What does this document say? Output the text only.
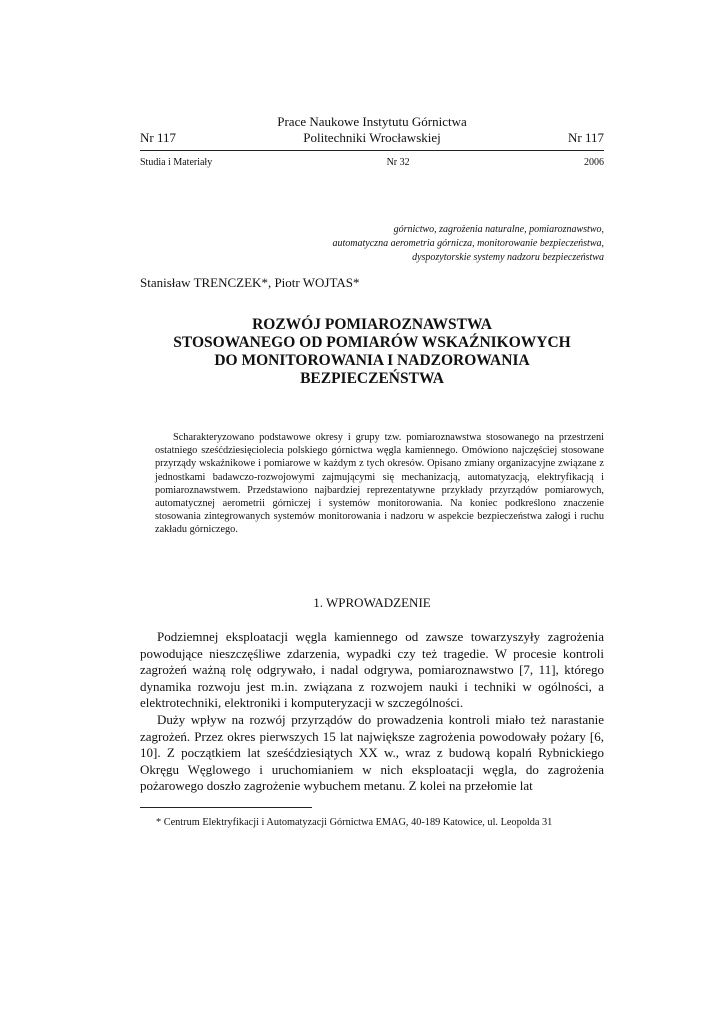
Prace Naukowe Instytutu Górnictwa
Nr 117	Politechniki Wrocławskiej	Nr 117
Studia i Materiały	Nr 32	2006
górnictwo, zagrożenia naturalne, pomiaroznawstwo,
automatyczna aerometria górnicza, monitorowanie bezpieczeństwa,
dyspozytorskie systemy nadzoru bezpieczeństwa
Stanisław TRENCZEK*, Piotr WOJTAS*
ROZWÓJ POMIAROZNAWSTWA
STOSOWANEGO OD POMIARÓW WSKAŹNIKOWYCH
DO MONITOROWANIA I NADZOROWANIA
BEZPIECZEŃSTWA
Scharakteryzowano podstawowe okresy i grupy tzw. pomiaroznawstwa stosowanego na przestrzeni ostatniego sześćdziesięciolecia polskiego górnictwa węgla kamiennego. Omówiono najczęściej stosowane przyrządy wskaźnikowe i pomiarowe w każdym z tych okresów. Opisano zmiany organizacyjne związane z jednostkami badawczo-rozwojowymi zajmującymi się mechanizacją, automatyzacją, elektryfikacją i pomiaroznawstwem. Przedstawiono najbardziej reprezentatywne przykłady przyrządów pomiarowych, automatycznej aerometrii górniczej i systemów monitorowania. Na koniec podkreślono znaczenie stosowania zintegrowanych systemów monitorowania i nadzoru w aspekcie bezpieczeństwa załogi i ruchu zakładu górniczego.
1. WPROWADZENIE

Podziemnej eksploatacji węgla kamiennego od zawsze towarzyszyły zagrożenia powodujące nieszczęśliwe zdarzenia, wypadki czy też tragedie. W procesie kontroli zagrożeń ważną rolę odgrywało, i nadal odgrywa, pomiaroznawstwo [7, 11], którego dynamika rozwoju jest m.in. związana z rozwojem nauki i techniki w ogólności, a elektrotechniki, elektroniki i komputeryzacji w szczególności.

Duży wpływ na rozwój przyrządów do prowadzenia kontroli miało też narastanie zagrożeń. Przez okres pierwszych 15 lat największe zagrożenia powodowały pożary [6, 10]. Z początkiem lat sześćdziesiątych XX w., wraz z budową kopalń Rybnickiego Okręgu Węglowego i uruchomianiem w nich eksploatacji węgla, do zagrożenia pożarowego doszło zagrożenie wybuchem metanu. Z kolei na przełomie lat

* Centrum Elektryfikacji i Automatyzacji Górnictwa EMAG, 40-189 Katowice, ul. Leopolda 31
